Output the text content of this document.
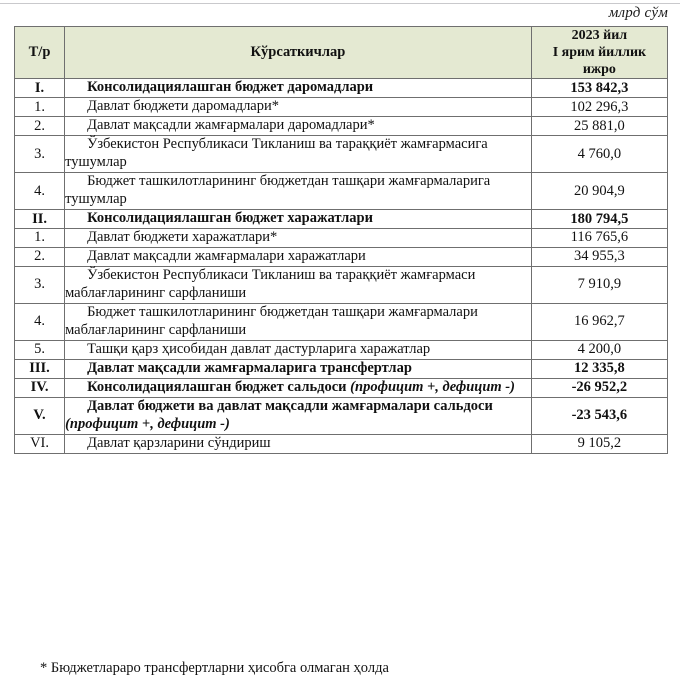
млрд сўм
Т/р	Кўрсаткичлар	2023 йил
I ярим йиллик
ижро
I.	Консолидациялашган бюджет даромадлари	153 842,3
1.	Давлат бюджети даромадлари*	102 296,3
2.	Давлат мақсадли жамғармалари даромадлари*	25 881,0
3.	Ўзбекистон Республикаси Тикланиш ва тараққиёт жамғармасига тушумлар	4 760,0
4.	Бюджет ташкилотларининг бюджетдан ташқари жамғармаларига тушумлар	20 904,9
II.	Консолидациялашган бюджет харажатлари	180 794,5
1.	Давлат бюджети харажатлари*	116 765,6
2.	Давлат мақсадли жамғармалари харажатлари	34 955,3
3.	Ўзбекистон Республикаси Тикланиш ва тараққиёт жамғармаси маблағларининг сарфланиши	7 910,9
4.	Бюджет ташкилотларининг бюджетдан ташқари жамғармалари маблағларининг сарфланиши	16 962,7
5.	Ташқи қарз ҳисобидан давлат дастурларига харажатлар	4 200,0
III.	Давлат мақсадли жамғармаларига трансфертлар	12 335,8
IV.	Консолидациялашган бюджет сальдоси (профицит +, дефицит -)	-26 952,2
V.	Давлат бюджети ва давлат мақсадли жамғармалари сальдоси (профицит +, дефицит -)	-23 543,6
VI.	Давлат қарзларини сўндириш	9 105,2
* Бюджетлараро трансфертларни ҳисобга олмаган ҳолда
